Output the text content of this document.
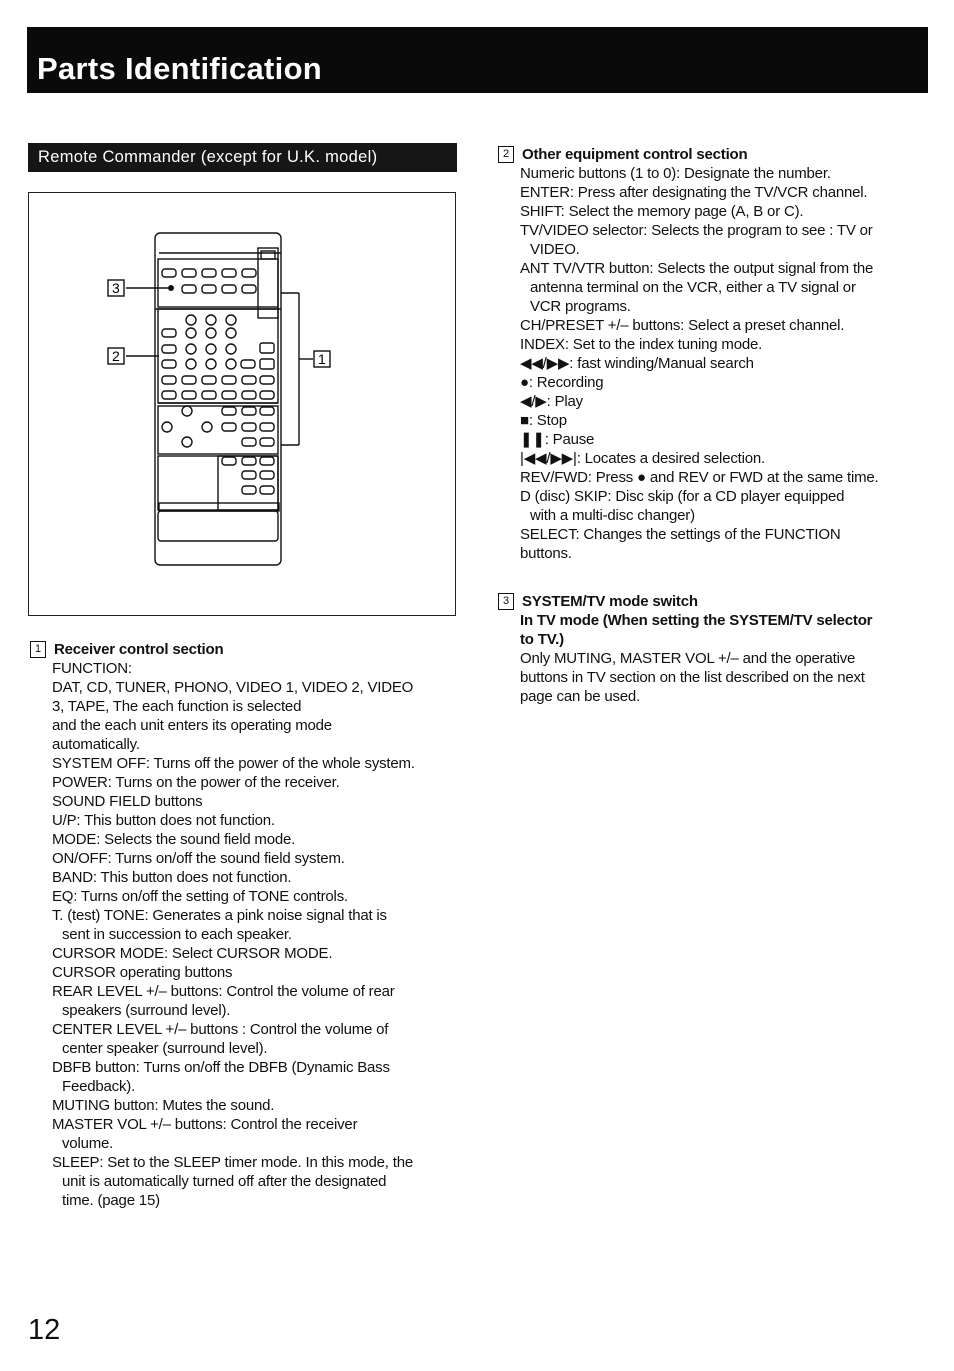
Parts Identification
Remote Commander (except for U.K. model)
3
2	1
1 Receiver control section

FUNCTION:

DAT, CD, TUNER, PHONO, VIDEO 1, VIDEO 2, VIDEO

3, TAPE, The each function is selected

and the each unit enters its operating mode

automatically.

SYSTEM OFF: Turns off the power of the whole system.

POWER: Turns on the power of the receiver.

SOUND FIELD buttons

U/P: This button does not function.

MODE: Selects the sound field mode.

ON/OFF: Turns on/off the sound field system.

BAND: This button does not function.

EQ: Turns on/off the setting of TONE controls.

T. (test) TONE: Generates a pink noise signal that is

sent in succession to each speaker.

CURSOR MODE: Select CURSOR MODE.

CURSOR operating buttons

REAR LEVEL +/– buttons: Control the volume of rear

speakers (surround level).

CENTER LEVEL +/– buttons : Control the volume of

center speaker (surround level).

DBFB button: Turns on/off the DBFB (Dynamic Bass

Feedback).

MUTING button: Mutes the sound.

MASTER VOL +/– buttons: Control the receiver

volume.

SLEEP: Set to the SLEEP timer mode. In this mode, the

unit is automatically turned off after the designated

time. (page 15)

2 Other equipment control section

Numeric buttons (1 to 0): Designate the number.

ENTER: Press after designating the TV/VCR channel.

SHIFT: Select the memory page (A, B or C).

TV/VIDEO selector: Selects the program to see : TV or

VIDEO.

ANT TV/VTR button: Selects the output signal from the

antenna terminal on the VCR, either a TV signal or

VCR programs.

CH/PRESET +/– buttons: Select a preset channel.

INDEX: Set to the index tuning mode.

◀◀/▶▶: fast winding/Manual search

●: Recording

◀/▶: Play

■: Stop

❚❚: Pause

|◀◀/▶▶|: Locates a desired selection.

REV/FWD: Press ● and REV or FWD at the same time.

D (disc) SKIP: Disc skip (for a CD player equipped

with a multi-disc changer)

SELECT: Changes the settings of the FUNCTION

buttons.

3 SYSTEM/TV mode switch
In TV mode (When setting the SYSTEM/TV selector
to TV.)

Only MUTING, MASTER VOL +/– and the operative

buttons in TV section on the list described on the next

page can be used.

12
